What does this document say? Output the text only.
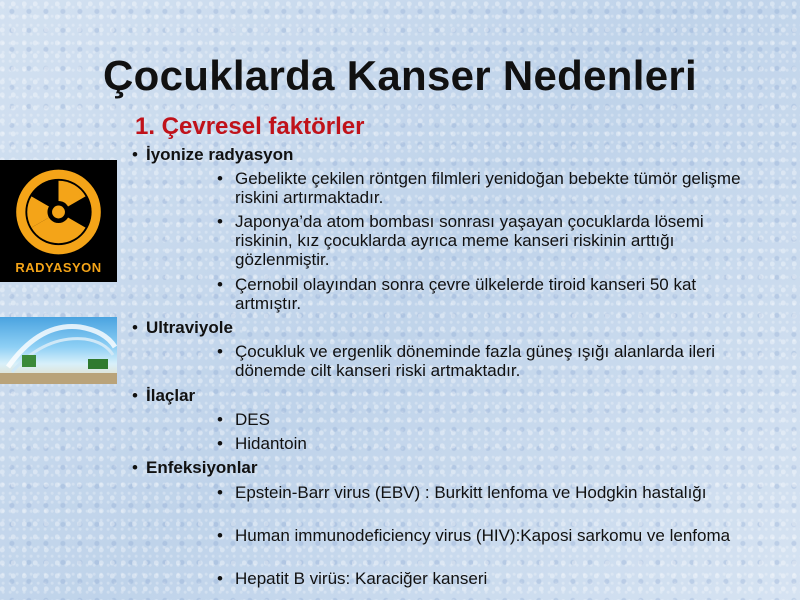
Çocuklarda Kanser Nedenleri
1. Çevresel faktörler
RADYASYON
• İyonize radyasyon
• Gebelikte çekilen röntgen filmleri yenidoğan bebekte tümör gelişme riskini artırmaktadır.
• Japonya’da atom bombası sonrası yaşayan çocuklarda lösemi riskinin, kız çocuklarda ayrıca meme kanseri riskinin arttığı gözlenmiştir.
• Çernobil olayından sonra çevre ülkelerde tiroid kanseri 50 kat artmıştır.
• Ultraviyole
• Çocukluk ve ergenlik döneminde fazla güneş ışığı alanlarda ileri dönemde cilt kanseri riski artmaktadır.
• İlaçlar
• DES
• Hidantoin
• Enfeksiyonlar
• Epstein-Barr virus (EBV) : Burkitt lenfoma ve Hodgkin hastalığı
• Human immunodeficiency virus (HIV):Kaposi sarkomu ve lenfoma
• Hepatit B virüs: Karaciğer kanseri
